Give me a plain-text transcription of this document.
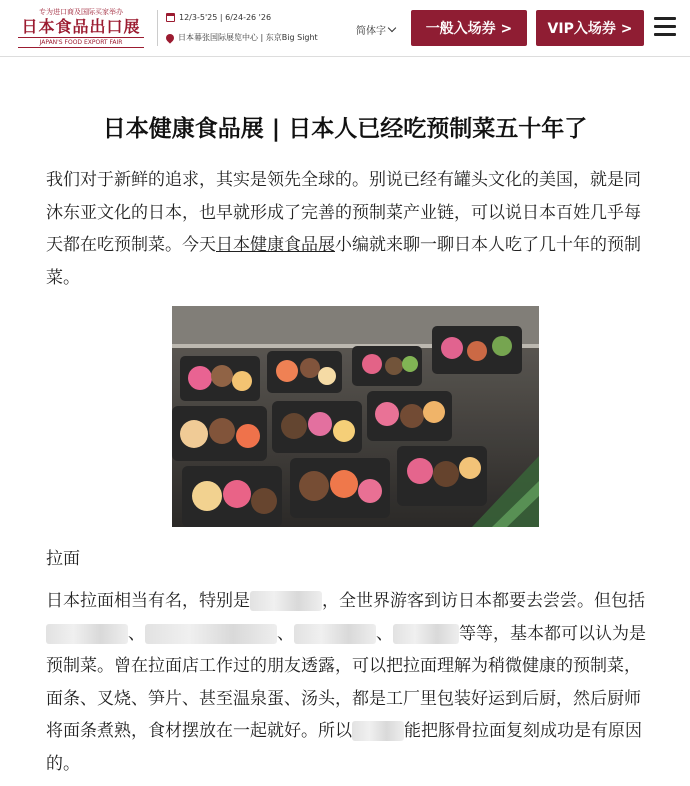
专为进口商及国际买家举办
日本食品出口展
JAPAN'S FOOD EXPORT FAIR
12/3-5'25 | 6/24-26 '26
日本幕张国际展览中心 | 东京Big Sight
简体字	一般入场券 >	VIP入场券 >
日本健康食品展 | 日本人已经吃预制菜五十年了

我们对于新鲜的追求，其实是领先全球的。别说已经有罐头文化的美国，就是同沐东亚文化的日本，也早就形成了完善的预制菜产业链，可以说日本百姓几乎每天都在吃预制菜。今天日本健康食品展小编就来聊一聊日本人吃了几十年的预制菜。

拉面

日本拉面相当有名，特别是	，全世界游客到访日本都要去尝尝。但包括、	、	、	等等，基本都可以认为是预制菜。曾在拉面店工作过的朋友透露，可以把拉面理解为稍微健康的预制菜，面条、叉烧、笋片、甚至温泉蛋、汤头，都是工厂里包装好运到后厨，然后厨师将面条煮熟，食材摆放在一起就好。所以	能把豚骨拉面复刻成功是有原因的。
